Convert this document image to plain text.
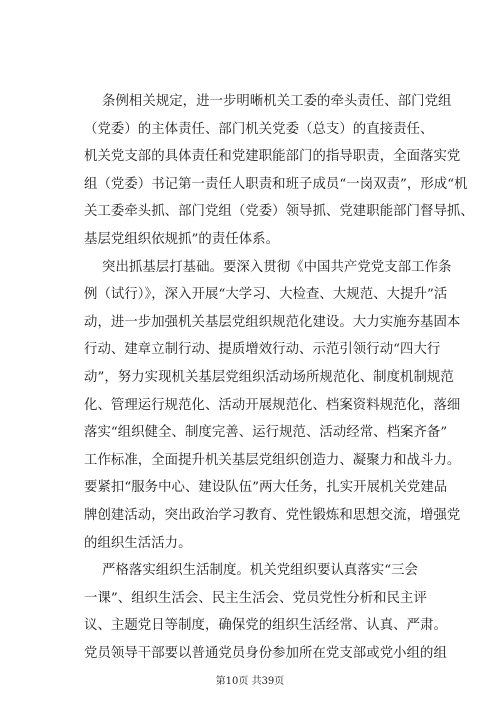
条例相关规定，进一步明晰机关工委的牵头责任、部门党组
（党委）的主体责任、部门机关党委（总支）的直接责任、
机关党支部的具体责任和党建职能部门的指导职责，全面落实党
组（党委）书记第一责任人职责和班子成员“一岗双责”，形成“机
关工委牵头抓、部门党组（党委）领导抓、党建职能部门督导抓、
基层党组织依规抓”的责任体系。
突出抓基层打基础。要深入贯彻《中国共产党党支部工作条
例（试行）》，深入开展“大学习、大检查、大规范、大提升”活
动，进一步加强机关基层党组织规范化建设。大力实施夯基固本
行动、建章立制行动、提质增效行动、示范引领行动“四大行
动”，努力实现机关基层党组织活动场所规范化、制度机制规范
化、管理运行规范化、活动开展规范化、档案资料规范化，落细
落实“组织健全、制度完善、运行规范、活动经常、档案齐备”
工作标准，全面提升机关基层党组织创造力、凝聚力和战斗力。
要紧扣“服务中心、建设队伍”两大任务，扎实开展机关党建品
牌创建活动，突出政治学习教育、党性锻炼和思想交流，增强党
的组织生活活力。
严格落实组织生活制度。机关党组织要认真落实“三会
一课”、组织生活会、民主生活会、党员党性分析和民主评
议、主题党日等制度，确保党的组织生活经常、认真、严肃。
党员领导干部要以普通党员身份参加所在党支部或党小组的组
第10页 共39页
